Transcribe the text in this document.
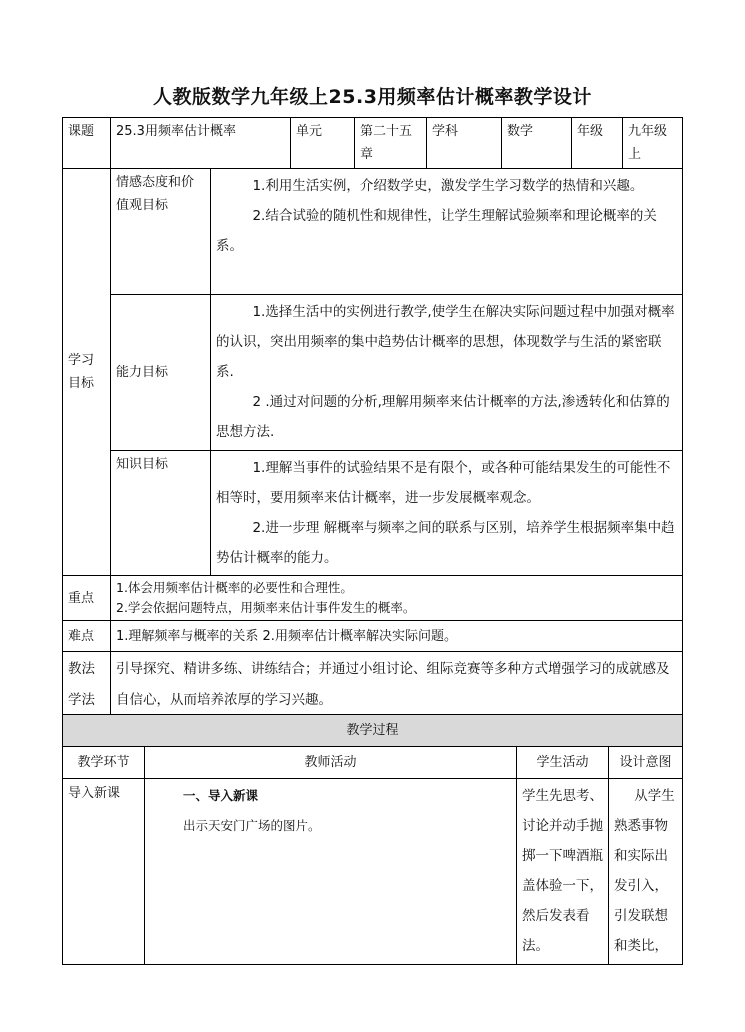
人教版数学九年级上25.3用频率估计概率教学设计
课题	25.3用频率估计概率		单元	第二十五章	学科	数学	年级	九年级上
学习目标	情感态度和价值观目标	1.利用生活实例，介绍数学史，激发学生学习数学的热情和兴趣。

2.结合试验的随机性和规律性，让学生理解试验频率和理论概率的关系。						

	能力目标	1.选择生活中的实例进行教学,使学生在解决实际问题过程中加强对概率的认识，突出用频率的集中趋势估计概率的思想，体现数学与生活的紧密联系.

2 .通过对问题的分析,理解用频率来估计概率的方法,渗透转化和估算的思想方法.						

	知识目标	1.理解当事件的试验结果不是有限个，或各种可能结果发生的可能性不相等时，要用频率来估计概率，进一步发展概率观念。

2.进一步理 解概率与频率之间的联系与区别，培养学生根据频率集中趋势估计概率的能力。						

重点	1.体会用频率估计概率的必要性和合理性。
2.学会依据问题特点，用频率来估计事件发生的概率。							

难点	1.理解频率与概率的关系 2.用频率估计概率解决实际问题。							
教法学法	引导探究、精讲多练、讲练结合；并通过小组讨论、组际竞赛等多种方式增强学习的成就感及自信心，从而培养浓厚的学习兴趣。							
教学过程			
教学环节	教师活动	学生活动	设计意图
导入新课	一、导入新课
出示天安门广场的图片。	学生先思考、讨论并动手抛掷一下啤酒瓶盖体验一下，然后发表看法。	从学生熟悉事物和实际出发引入，引发联想和类比，
